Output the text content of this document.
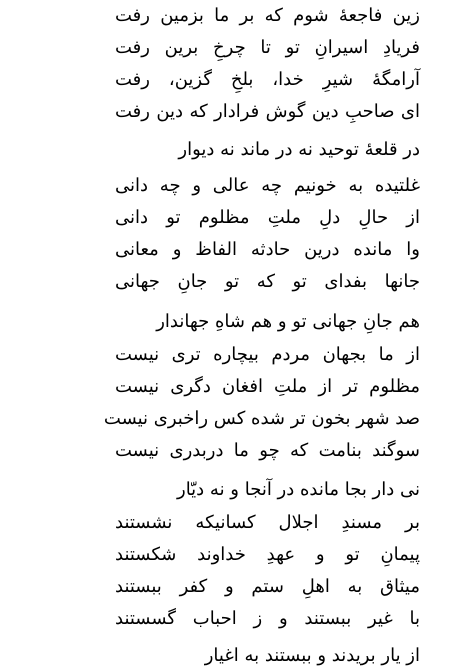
زین فاجعهٔ شوم که بر ما بزمین رفت
فریادِ اسیرانِ تو تا چرخِ برین رفت
آرامگهٔ شیرِ خدا، بلخِ گزین، رفت
ای صاحبِ دین گوش فرادار که دین رفت
در قلعهٔ توحید نه در ماند نه دیوار
غلتیده به خونیم چه عالی و چه دانی
از حالِ دلِ ملتِ مظلوم تو دانی
وا مانده درین حادثه الفاظ و معانی
جانها بفدای تو که تو جانِ جهانی
هم جانِ جهانی تو و هم شاهِ جهاندار
از ما بجهان مردم بیچاره تری نیست
مظلوم تر از ملتِ افغان دگری نیست
صد شهر بخون تر شده کس راخبری نیست
سوگند بنامت که چو ما دربدری نیست
نی دار بجا مانده در آنجا و نه دیّار
بر مسندِ اجلال کسانیکه نشستند
پیمانِ تو و عهدِ خداوند شکستند
میثاق به اهلِ ستم و کفر ببستند
با غیر ببستند و ز احباب گسستند
از یار بریدند و ببستند به اغیار
